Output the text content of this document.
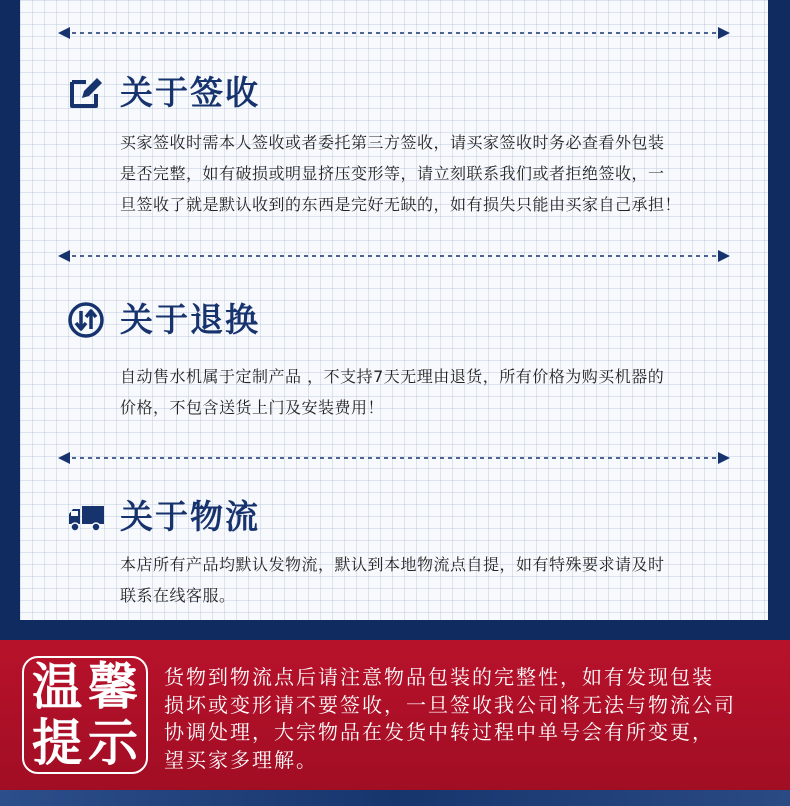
关于签收
买家签收时需本人签收或者委托第三方签收，请买家签收时务必查看外包装
是否完整，如有破损或明显挤压变形等，请立刻联系我们或者拒绝签收，一
旦签收了就是默认收到的东西是完好无缺的，如有损失只能由买家自己承担！
关于退换
自动售水机属于定制产品 ，不支持7天无理由退货，所有价格为购买机器的
价格，不包含送货上门及安装费用！
关于物流
本店所有产品均默认发物流，默认到本地物流点自提，如有特殊要求请及时
联系在线客服。
温 馨
提 示
货物到物流点后请注意物品包装的完整性，如有发现包装
损坏或变形请不要签收，一旦签收我公司将无法与物流公司
协调处理，大宗物品在发货中转过程中单号会有所变更，
望买家多理解。
